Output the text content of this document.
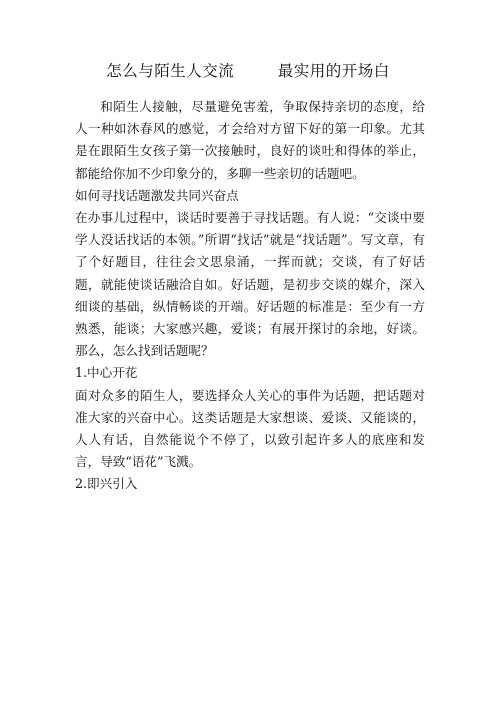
怎么与陌生人交流        最实用的开场白

和陌生人接触，尽量避免害羞，争取保持亲切的态度，给人一种如沐春风的感觉，才会给对方留下好的第一印象。尤其是在跟陌生女孩子第一次接触时，良好的谈吐和得体的举止，都能给你加不少印象分的，多聊一些亲切的话题吧。

如何寻找话题激发共同兴奋点

在办事儿过程中，谈话时要善于寻找话题。有人说：“交谈中要学人没话找话的本领。”所谓“找话”就是“找话题”。写文章，有了个好题目，往往会文思泉涌，一挥而就；交谈，有了好话题，就能使谈话融洽自如。好话题，是初步交谈的媒介，深入细谈的基础，纵情畅谈的开端。好话题的标准是：至少有一方熟悉，能谈；大家感兴趣，爱谈；有展开探讨的余地，好谈。那么，怎么找到话题呢？

1.中心开花

面对众多的陌生人，要选择众人关心的事件为话题，把话题对准大家的兴奋中心。这类话题是大家想谈、爱谈、又能谈的，人人有话，自然能说个不停了，以致引起许多人的底座和发言，导致“语花”飞溅。

2.即兴引入
